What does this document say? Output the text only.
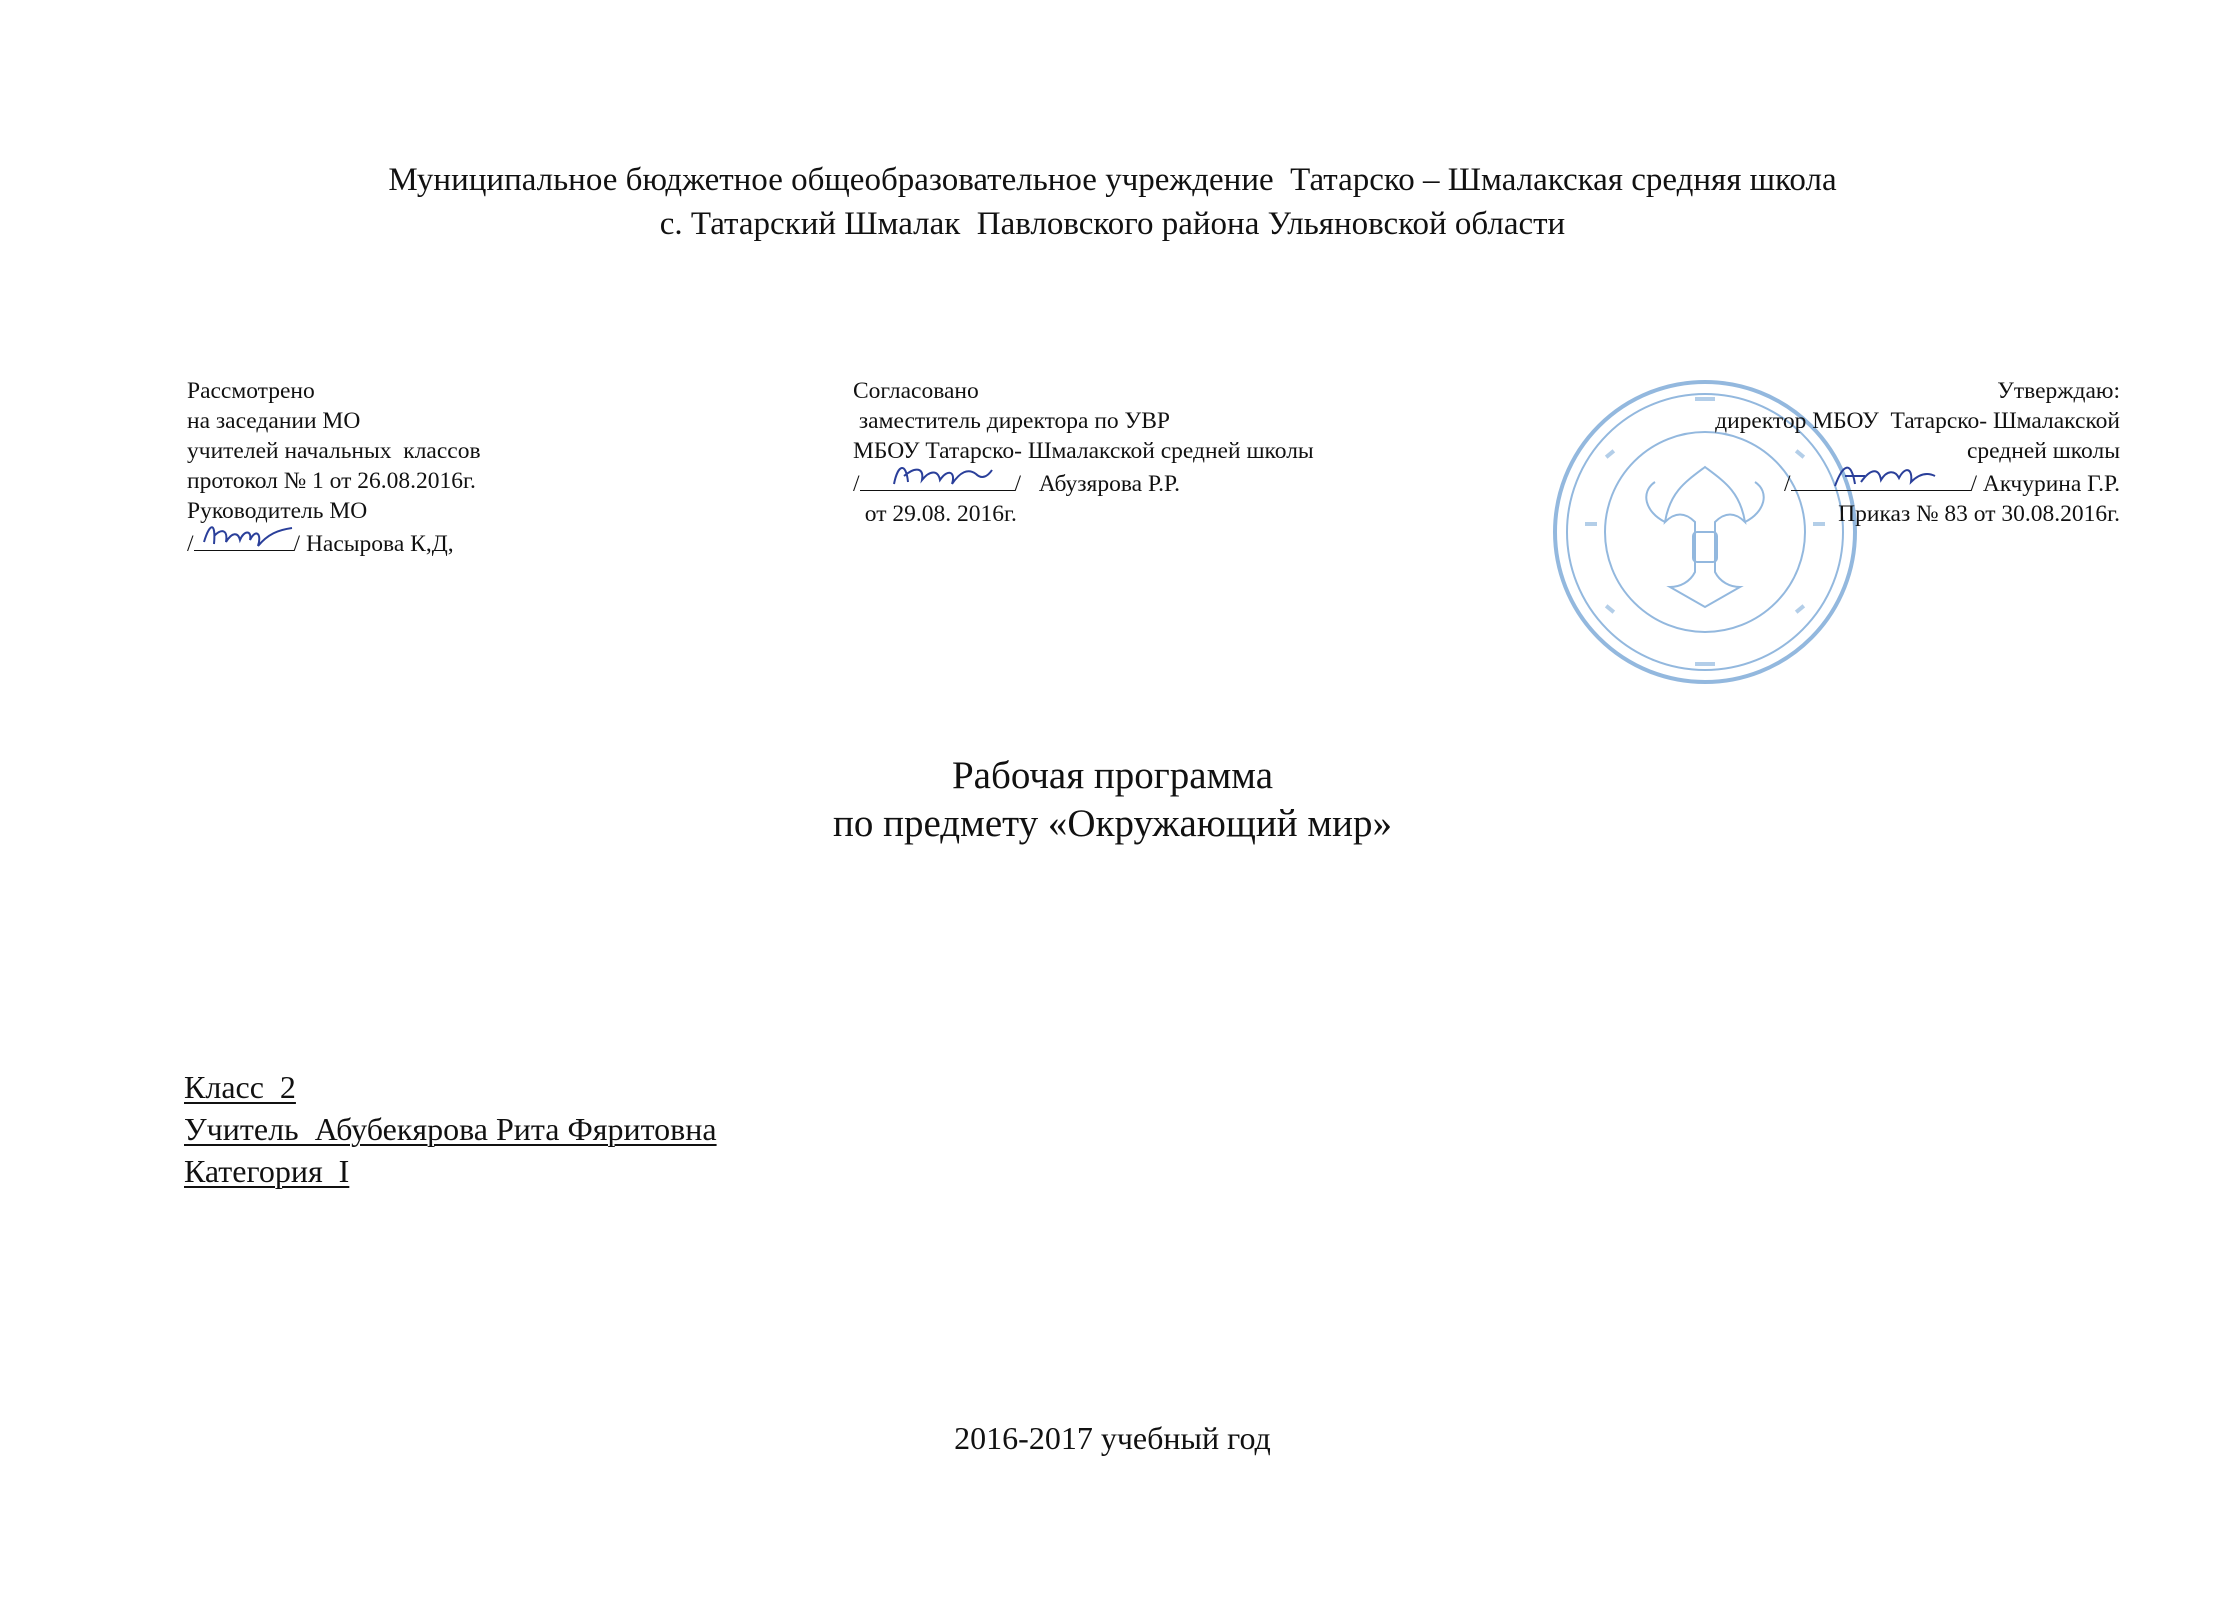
Муниципальное бюджетное общеобразовательное учреждение  Татарско – Шмалакская средняя школа
с. Татарский Шмалак  Павловского района Ульяновской области
Рассмотрено
на заседании МО
учителей начальных  классов
протокол № 1 от 26.08.2016г.
Руководитель МО
/	/ Насырова К,Д,
Согласовано
заместитель директора по УВР
МБОУ Татарско- Шмалакской средней школы
/	/   Абузярова Р.Р.
от 29.08. 2016г.
Утверждаю:
директор МБОУ  Татарско- Шмалакской
средней школы
/	/ Акчурина Г.Р.
Приказ № 83 от 30.08.2016г.
Рабочая программа
по предмету «Окружающий мир»
Класс  2
Учитель  Абубекярова Рита Фяритовна
Категория  I
2016-2017 учебный год
